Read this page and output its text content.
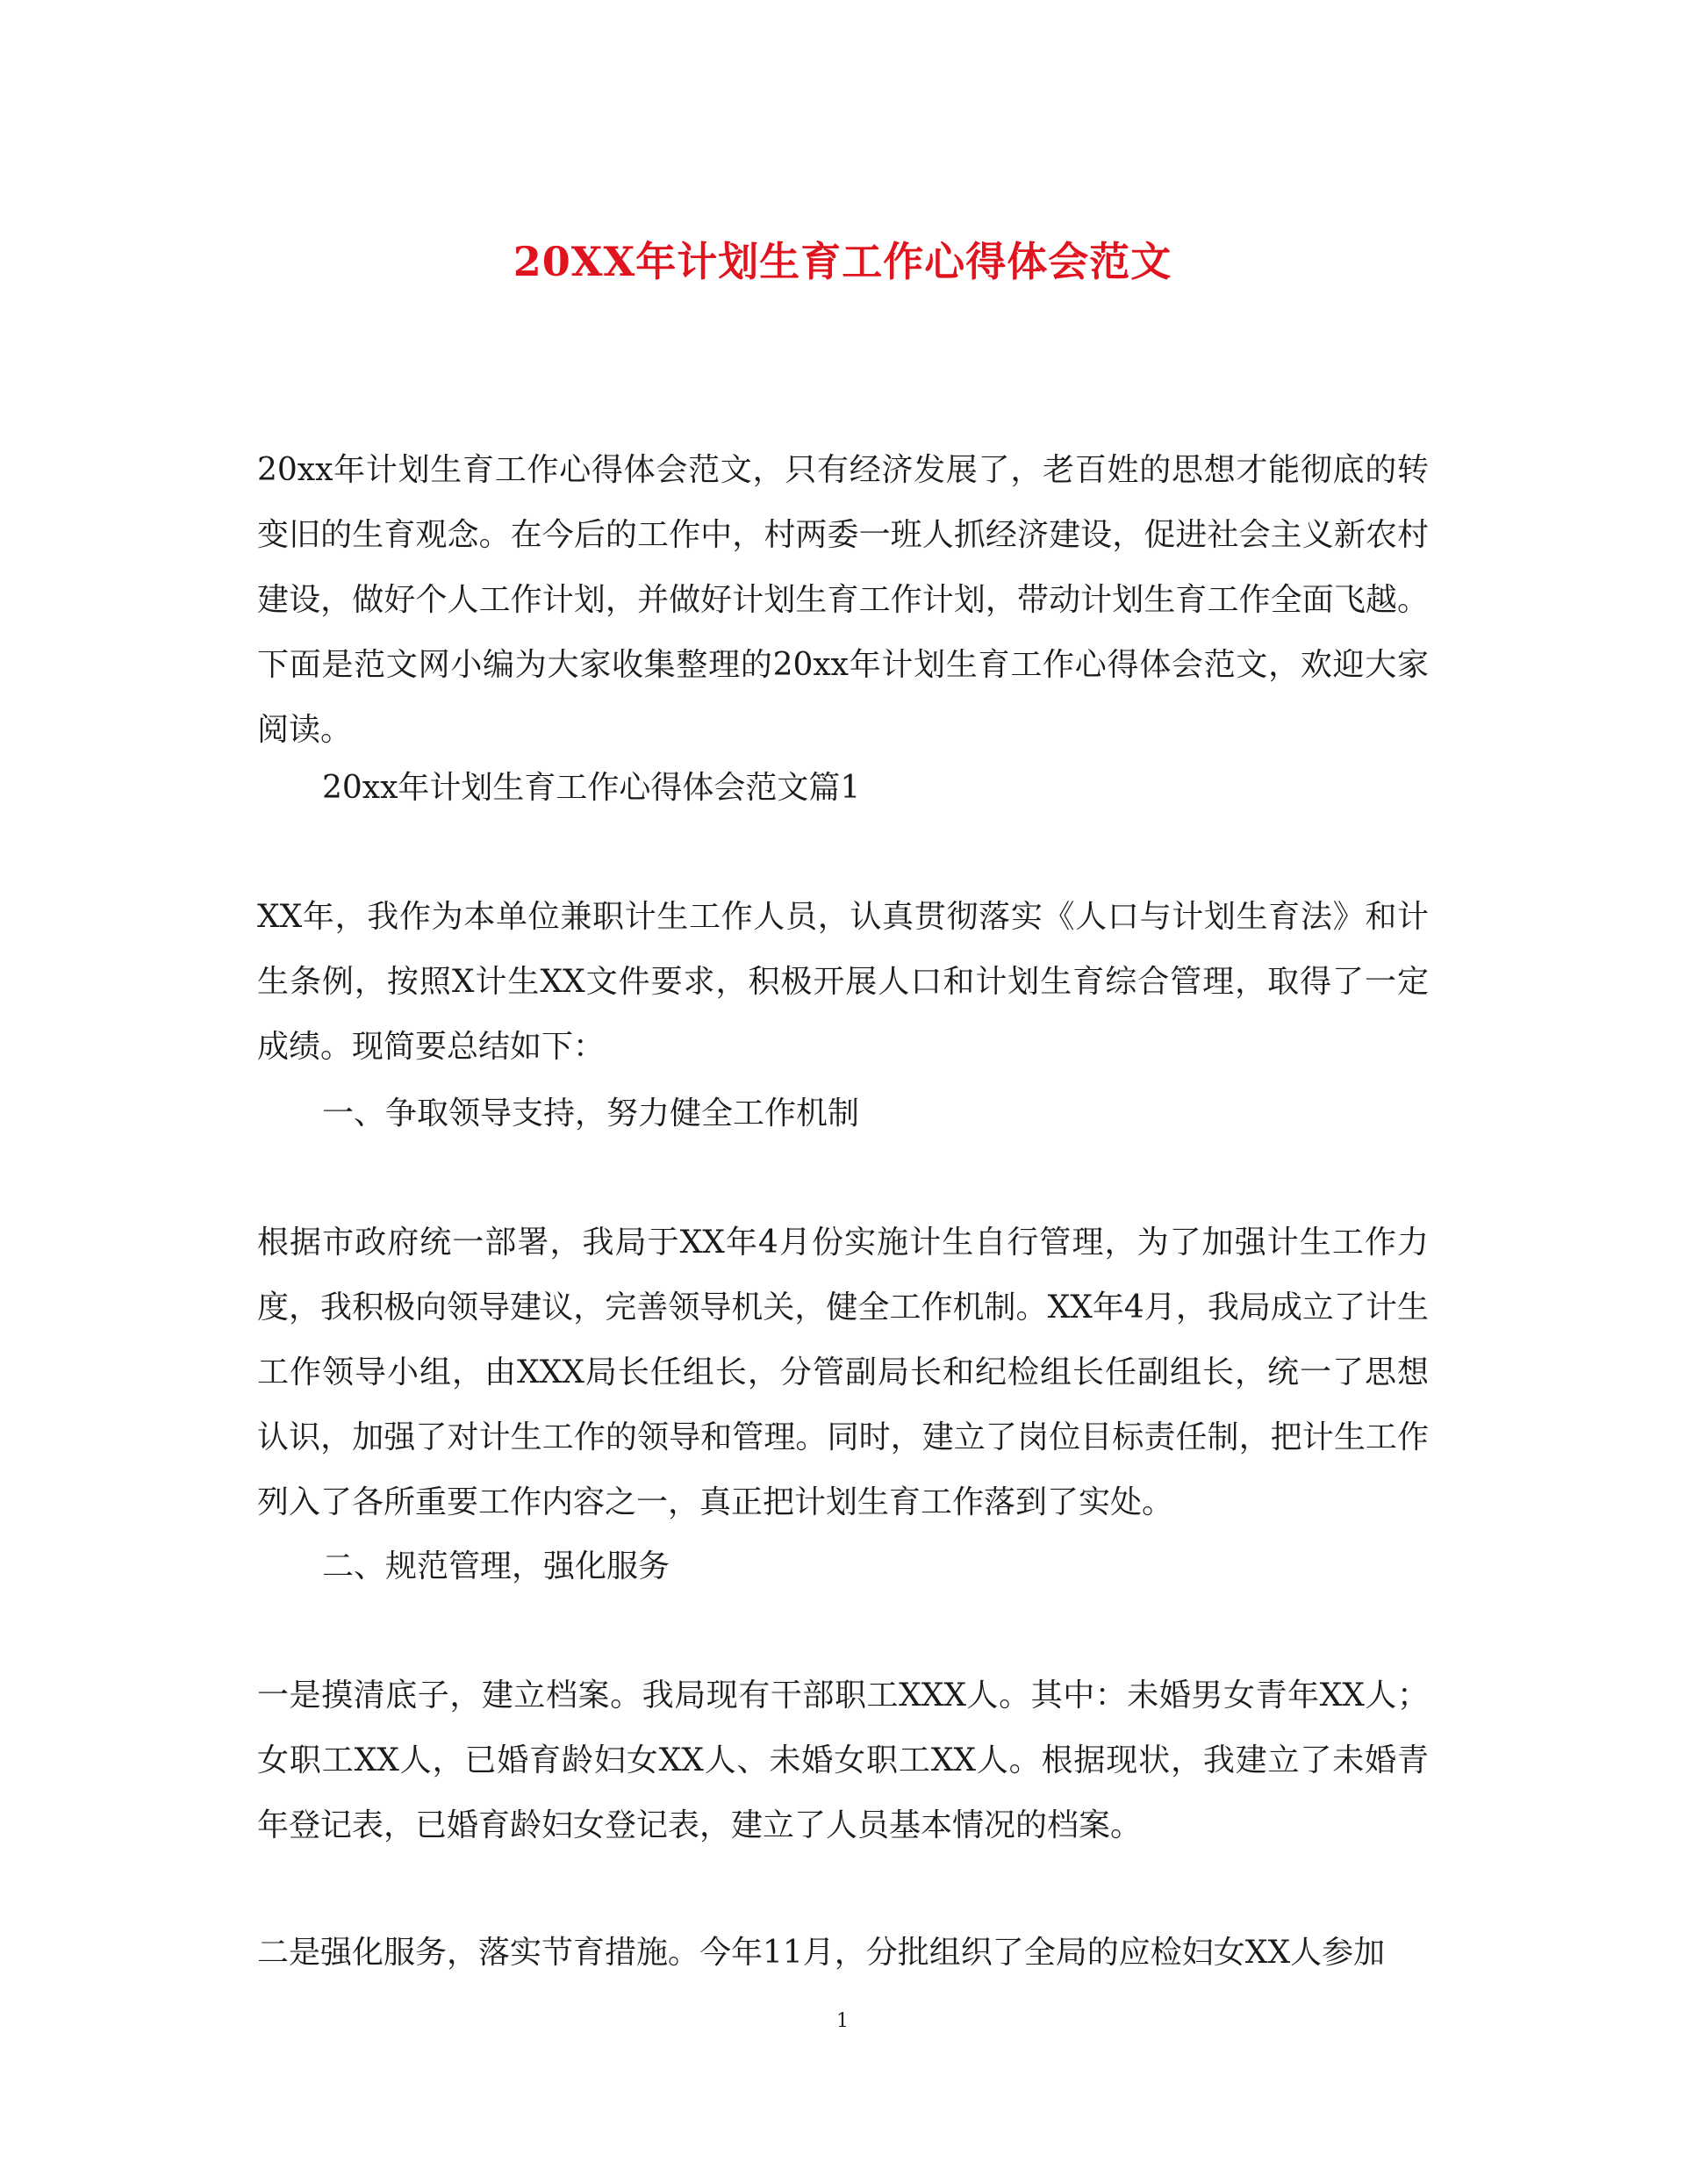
20XX年计划生育工作心得体会范文

20xx年计划生育工作心得体会范文，只有经济发展了，老百姓的思想才能彻底的转变旧的生育观念。在今后的工作中，村两委一班人抓经济建设，促进社会主义新农村建设，做好个人工作计划，并做好计划生育工作计划，带动计划生育工作全面飞越。下面是范文网小编为大家收集整理的20xx年计划生育工作心得体会范文，欢迎大家阅读。

20xx年计划生育工作心得体会范文篇1

XX年，我作为本单位兼职计生工作人员，认真贯彻落实《人口与计划生育法》和计生条例，按照X计生XX文件要求，积极开展人口和计划生育综合管理，取得了一定成绩。现简要总结如下：

一、争取领导支持，努力健全工作机制

根据市政府统一部署，我局于XX年4月份实施计生自行管理，为了加强计生工作力度，我积极向领导建议，完善领导机关，健全工作机制。XX年4月，我局成立了计生工作领导小组，由XXX局长任组长，分管副局长和纪检组长任副组长，统一了思想认识，加强了对计生工作的领导和管理。同时，建立了岗位目标责任制，把计生工作列入了各所重要工作内容之一，真正把计划生育工作落到了实处。

二、规范管理，强化服务

一是摸清底子，建立档案。我局现有干部职工XXX人。其中：未婚男女青年XX人；女职工XX人，已婚育龄妇女XX人、未婚女职工XX人。根据现状，我建立了未婚青年登记表，已婚育龄妇女登记表，建立了人员基本情况的档案。

二是强化服务，落实节育措施。今年11月，分批组织了全局的应检妇女XX人参加

1
